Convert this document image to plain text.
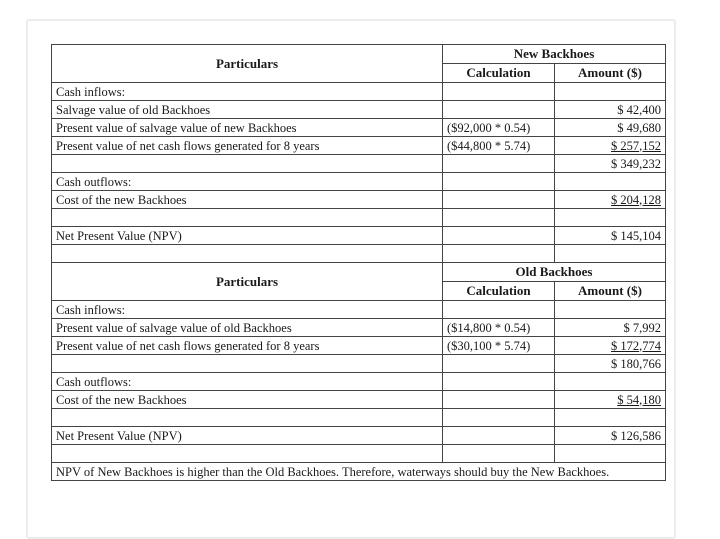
Particulars	New Backhoes	
	Calculation	Amount ($)
Cash inflows:		
Salvage value of old Backhoes		$ 42,400
Present value of salvage value of new Backhoes	($92,000 * 0.54)	$ 49,680
Present value of net cash flows generated for 8 years	($44,800 * 5.74)	$ 257,152
		$ 349,232
Cash outflows:		
Cost of the new Backhoes		$ 204,128

Net Present Value (NPV)		$ 145,104

Particulars	Old Backhoes	
	Calculation	Amount ($)
Cash inflows:		
Present value of salvage value of old Backhoes	($14,800 * 0.54)	$ 7,992
Present value of net cash flows generated for 8 years	($30,100 * 5.74)	$ 172,774
		$ 180,766
Cash outflows:		
Cost of the new Backhoes		$ 54,180

Net Present Value (NPV)		$ 126,586

NPV of New Backhoes is higher than the Old Backhoes. Therefore, waterways should buy the New Backhoes.		
